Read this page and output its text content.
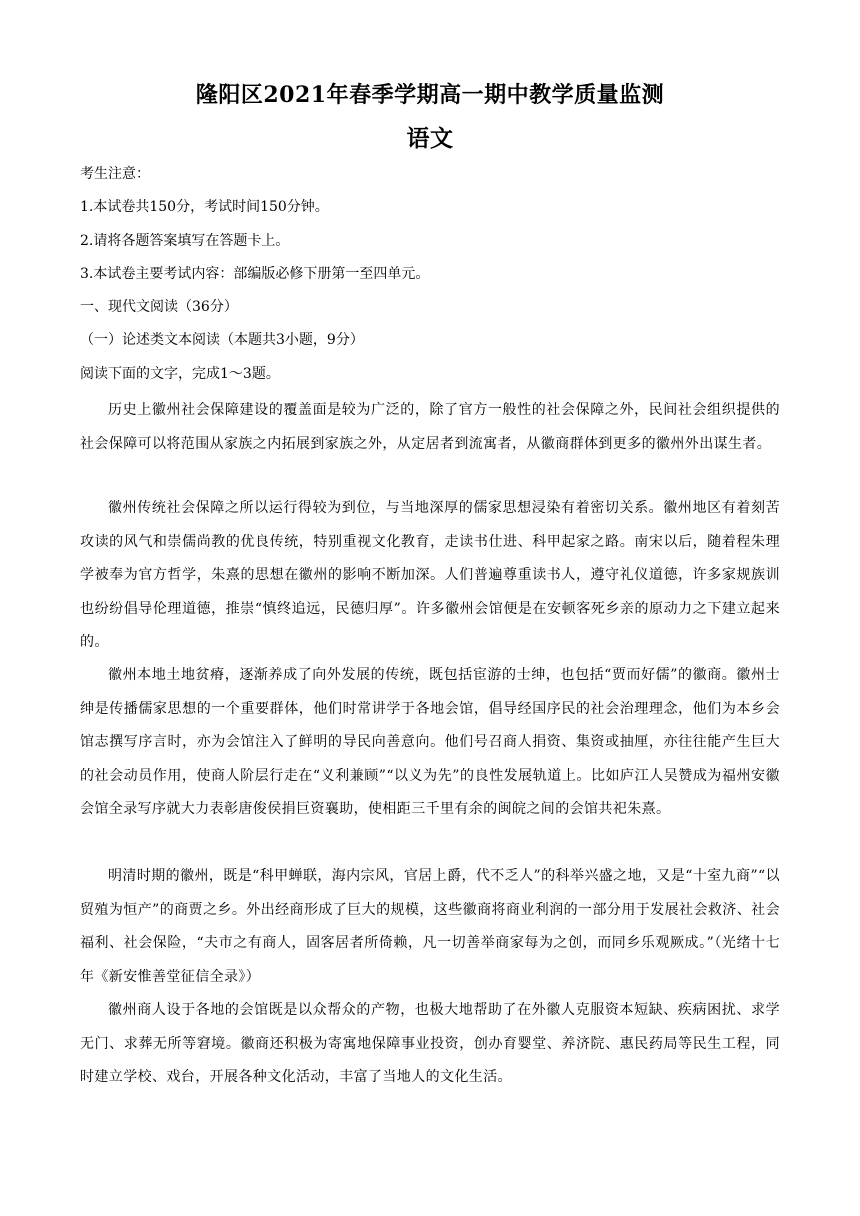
隆阳区2021年春季学期高一期中教学质量监测
语文
考生注意：
1.本试卷共150分，考试时间150分钟。
2.请将各题答案填写在答题卡上。
3.本试卷主要考试内容：部编版必修下册第一至四单元。
一、现代文阅读（36分）
（一）论述类文本阅读（本题共3小题，9分）
阅读下面的文字，完成1～3题。
历史上徽州社会保障建设的覆盖面是较为广泛的，除了官方一般性的社会保障之外，民间社会组织提供的社会保障可以将范围从家族之内拓展到家族之外，从定居者到流寓者，从徽商群体到更多的徽州外出谋生者。
徽州传统社会保障之所以运行得较为到位，与当地深厚的儒家思想浸染有着密切关系。徽州地区有着刻苦攻读的风气和崇儒尚教的优良传统，特别重视文化教育，走读书仕进、科甲起家之路。南宋以后，随着程朱理学被奉为官方哲学，朱熹的思想在徽州的影响不断加深。人们普遍尊重读书人，遵守礼仪道德，许多家规族训也纷纷倡导伦理道德，推崇“慎终追远，民德归厚”。许多徽州会馆便是在安顿客死乡亲的原动力之下建立起来的。
徽州本地土地贫瘠，逐渐养成了向外发展的传统，既包括宦游的士绅，也包括“贾而好儒”的徽商。徽州士绅是传播儒家思想的一个重要群体，他们时常讲学于各地会馆，倡导经国序民的社会治理理念，他们为本乡会馆志撰写序言时，亦为会馆注入了鲜明的导民向善意向。他们号召商人捐资、集资或抽厘，亦往往能产生巨大的社会动员作用，使商人阶层行走在“义利兼顾”“以义为先”的良性发展轨道上。比如庐江人吴赞成为福州安徽会馆全录写序就大力表彰唐俊侯捐巨资襄助，使相距三千里有余的闽皖之间的会馆共祀朱熹。
明清时期的徽州，既是“科甲蝉联，海内宗风，官居上爵，代不乏人”的科举兴盛之地，又是“十室九商”“以贸殖为恒产”的商贾之乡。外出经商形成了巨大的规模，这些徽商将商业利润的一部分用于发展社会救济、社会福利、社会保险，“夫市之有商人，固客居者所倚赖，凡一切善举商家每为之创，而同乡乐观厥成。”（光绪十七年《新安惟善堂征信全录》）
徽州商人设于各地的会馆既是以众帮众的产物，也极大地帮助了在外徽人克服资本短缺、疾病困扰、求学无门、求葬无所等窘境。徽商还积极为寄寓地保障事业投资，创办育婴堂、养济院、惠民药局等民生工程，同时建立学校、戏台，开展各种文化活动，丰富了当地人的文化生活。
